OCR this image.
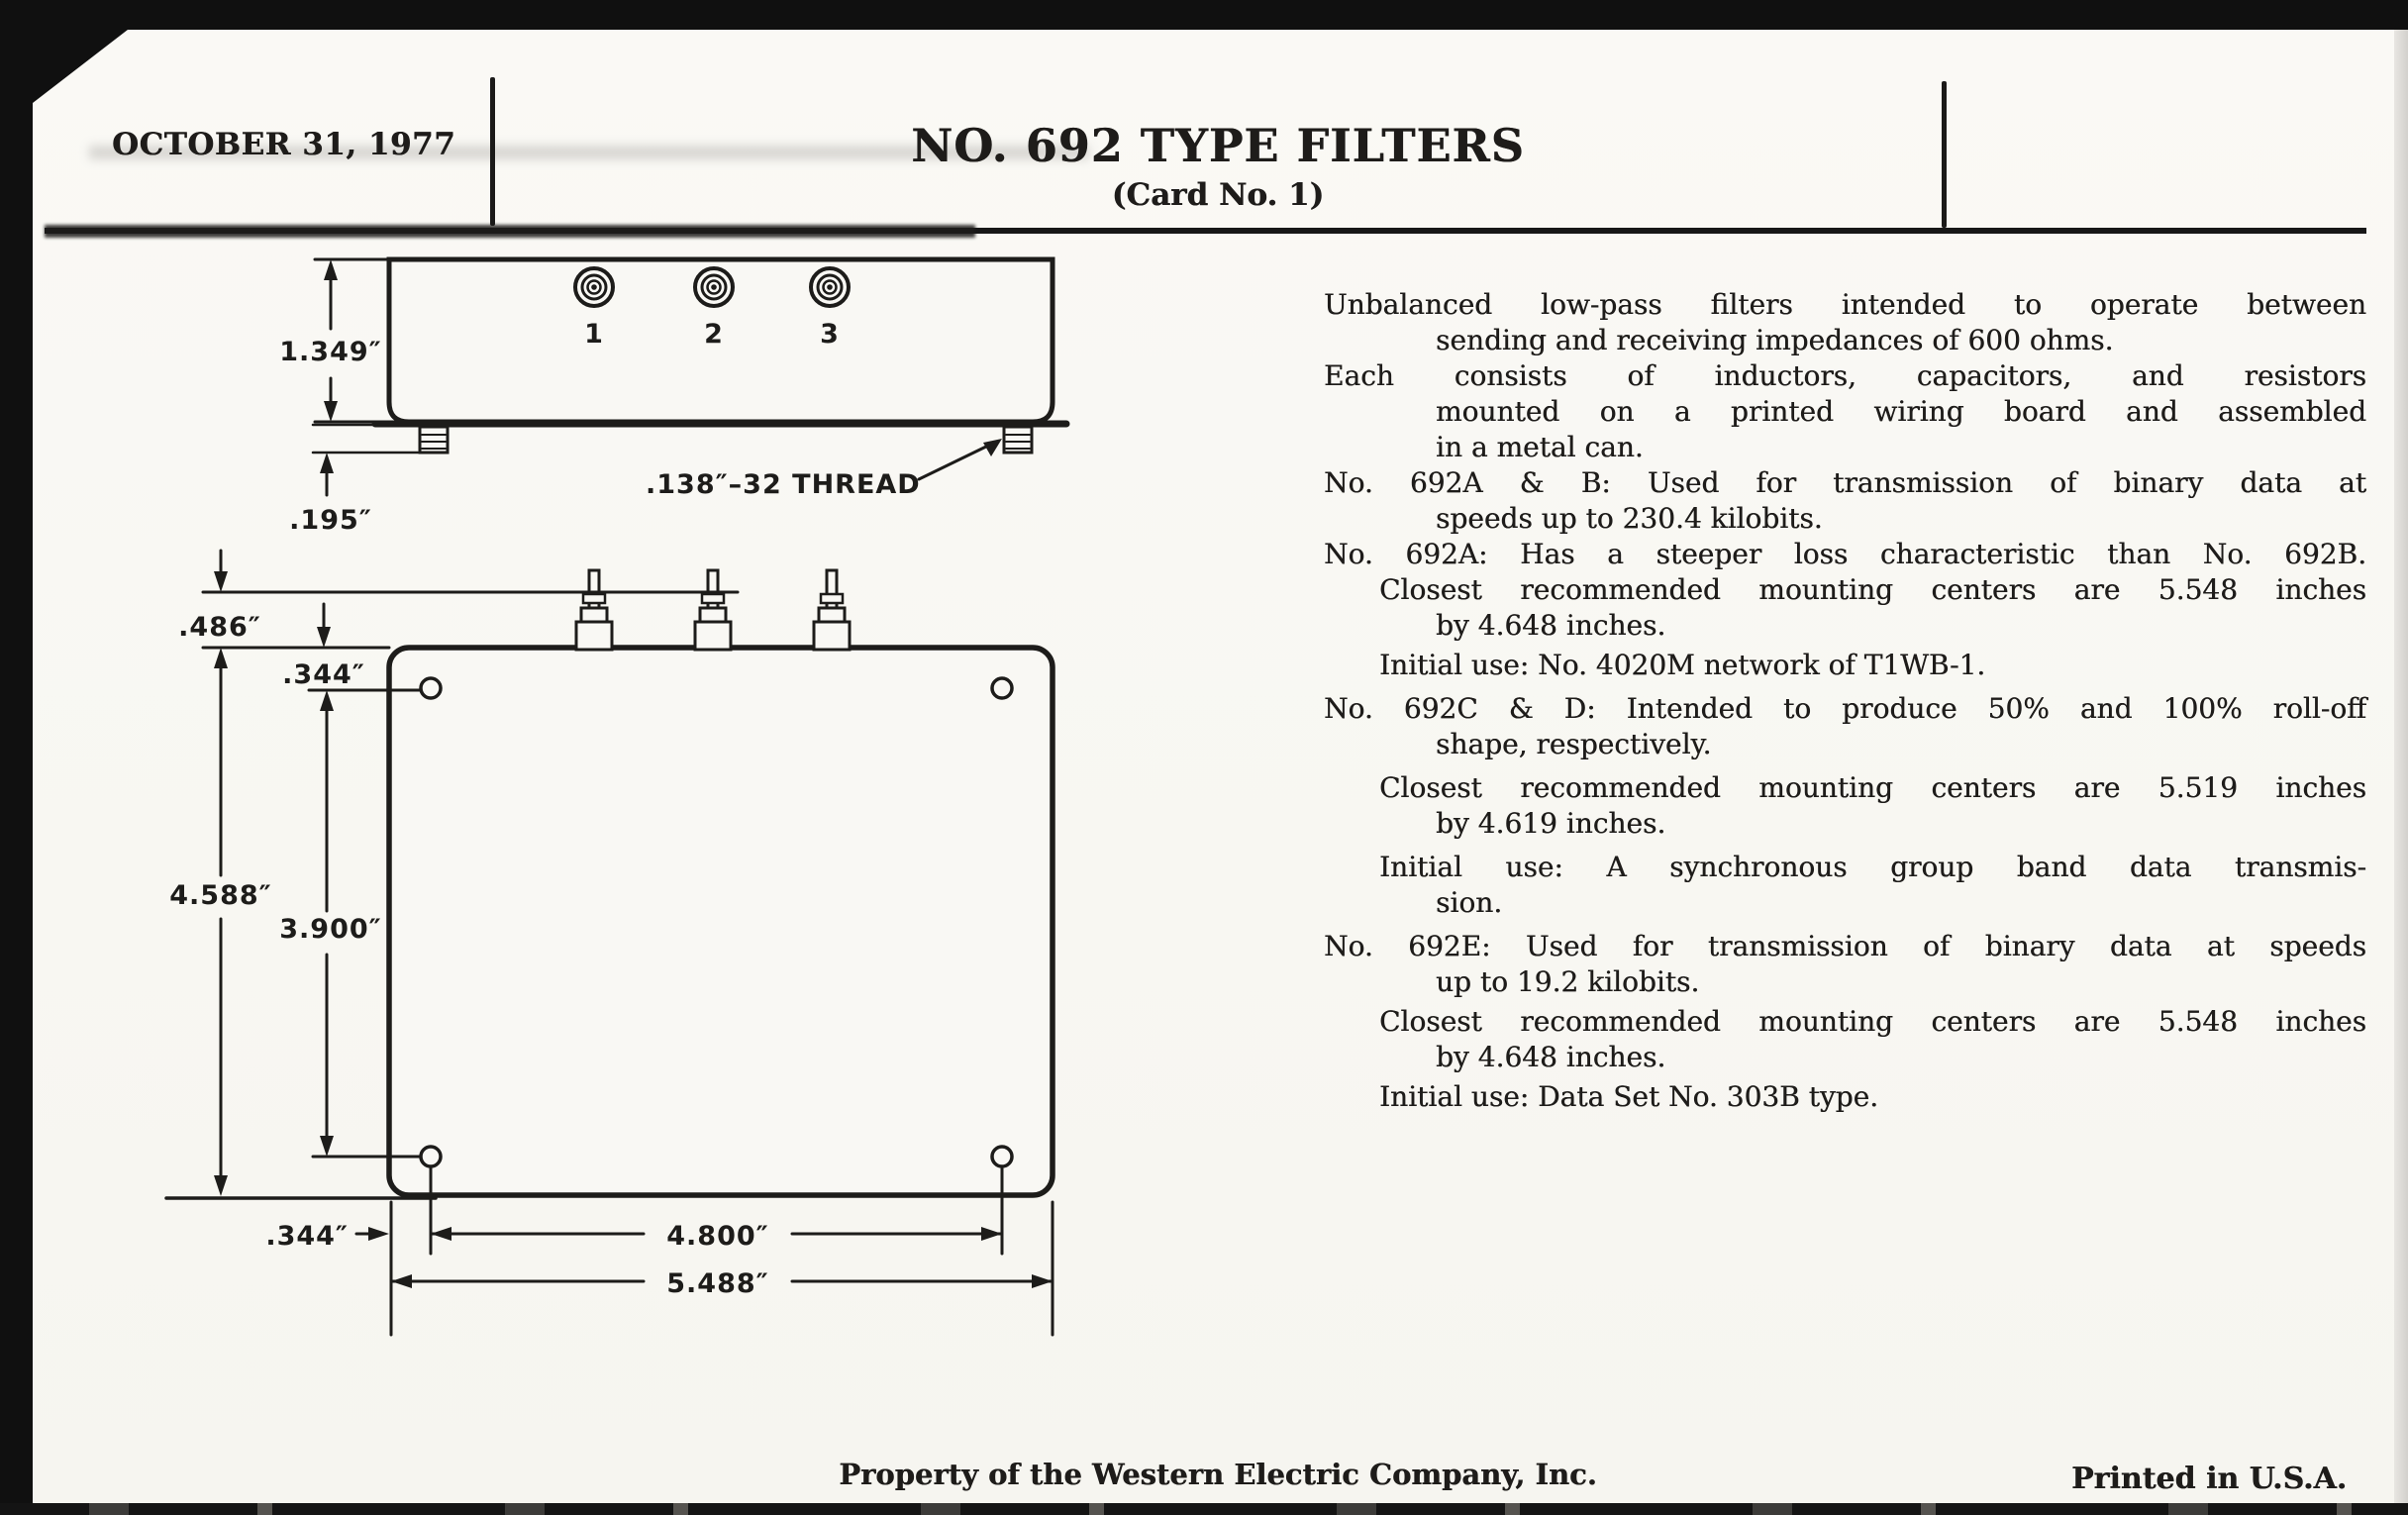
OCTOBER 31, 1977	NO. 692 TYPE FILTERS
(Card No. 1)
1	2	3
1.349″
.195″
.138″–32 THREAD
.486″
.344″
4.588″
3.900″
.344″	4.800″
5.488″
Unbalanced low-pass filters intended to operate between
sending and receiving impedances of 600 ohms.
Each consists of inductors, capacitors, and resistors
mounted on a printed wiring board and assembled
in a metal can.
No. 692A & B: Used for transmission of binary data at
speeds up to 230.4 kilobits.
No. 692A: Has a steeper loss characteristic than No. 692B.
Closest recommended mounting centers are 5.548 inches
by 4.648 inches.
Initial use: No. 4020M network of T1WB-1.
No. 692C & D: Intended to produce 50% and 100% roll-off
shape, respectively.
Closest recommended mounting centers are 5.519 inches
by 4.619 inches.
Initial use: A synchronous group band data transmis-
sion.
No. 692E: Used for transmission of binary data at speeds
up to 19.2 kilobits.
Closest recommended mounting centers are 5.548 inches
by 4.648 inches.
Initial use: Data Set No. 303B type.
Property of the Western Electric Company, Inc.	Printed in U.S.A.
